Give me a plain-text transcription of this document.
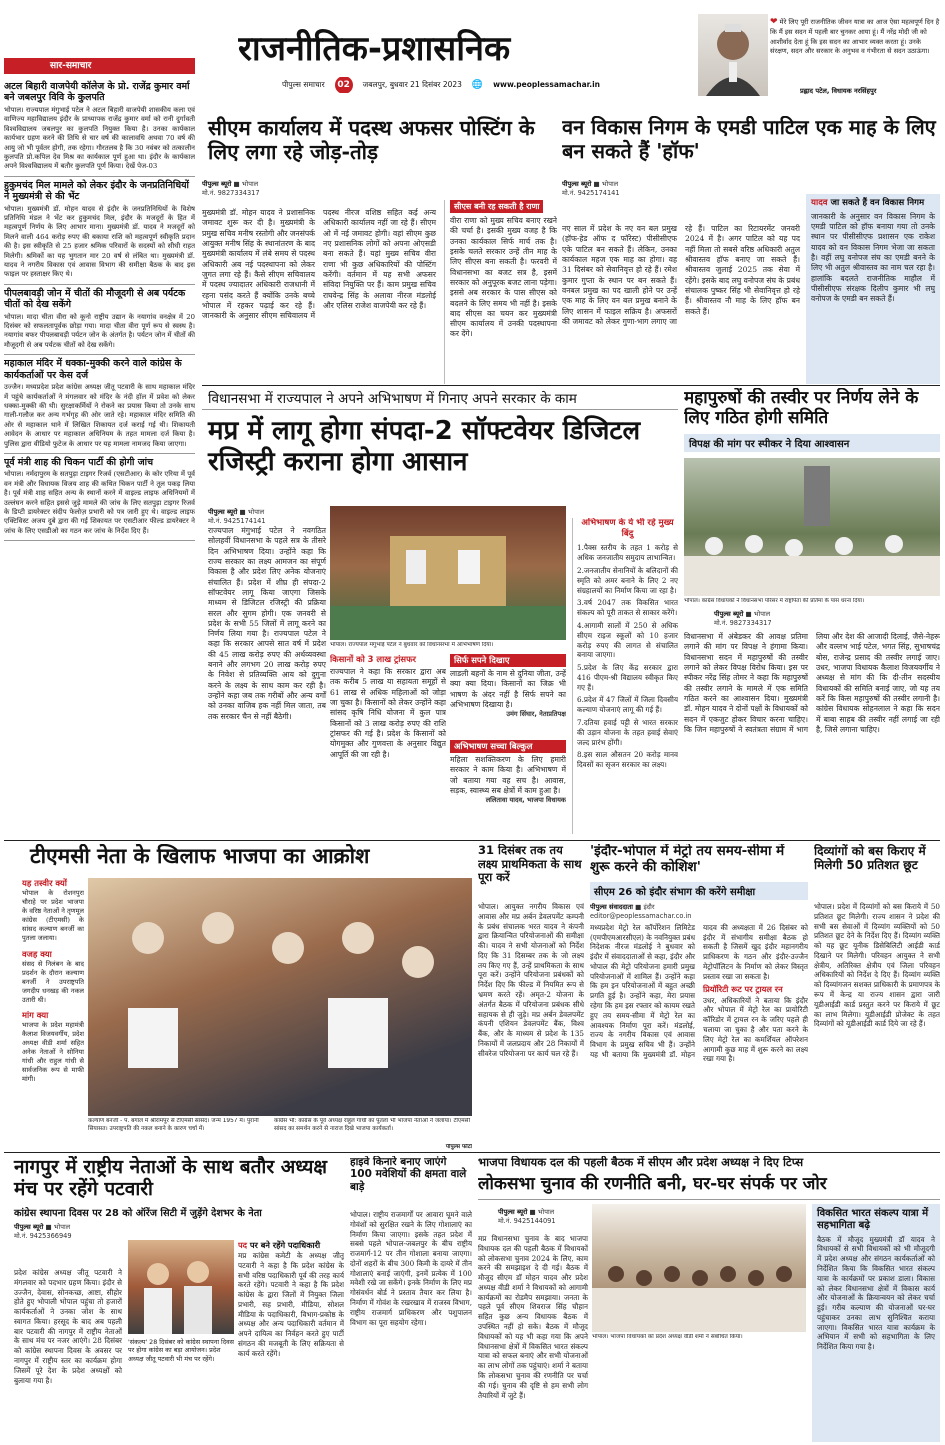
राजनीतिक-प्रशासनिक
पीपुल्स समाचार	02	जबलपुर, बुधवार 21 दिसंबर 2023 🌐 www.peoplessamachar.in
❤ मेरे लिए पूरी राजनीतिक जीवन यात्रा का आज ऐसा महत्वपूर्ण दिन है कि मैं इस सदन में पहली बार चुनकर आया हूं। मैं नरेंद्र मोदी जी को आशीर्वाद देता हूं कि इस सदन का आभार व्यक्त करता हूं। उनके संरक्षण, सदन और सरकार के अनुभव व गंभीरता से सदन उठाऊंगा।
प्रह्लाद पटेल, विधायक नरसिंहपुर
सार-समाचार
अटल बिहारी वाजपेयी कॉलेज के प्रो. राजेंद्र कुमार वर्मा बने जबलपुर विवि के कुलपति
भोपाल। राज्यपाल मंगुभाई पटेल ने अटल बिहारी वाजपेयी शासकीय कला एवं वाणिज्य महाविद्यालय इंदौर के प्राध्यापक राजेंद्र कुमार वर्मा को रानी दुर्गावती विश्वविद्यालय जबलपुर का कुलपति नियुक्त किया है। उनका कार्यकाल कार्यभार ग्रहण करने की तिथि से चार वर्ष की कालावधि अथवा 70 वर्ष की आयु जो भी पूर्वतर होगी, तक रहेगा। गौरतलब है कि 30 नवंबर को तत्कालीन कुलपति प्रो.कपिल देव मिश्र का कार्यकाल पूर्ण हुआ था। इंदौर के कार्यकाल अपने विश्वविद्यालय में बतौर कुलपति पूर्ण किया। देखें पेज-03
हुकुमचंद मिल मामले को लेकर इंदौर के जनप्रतिनिधियों ने मुख्यमंत्री से की भेंट
भोपाल। मुख्यमंत्री डॉ. मोहन यादव से इंदौर के जनप्रतिनिधियों के विशेष प्रतिनिधि मंडल ने भेंट कर हुकुमचंद मिल, इंदौर के मजदूरों के हित में महत्वपूर्ण निर्णय के लिए आभार माना। मुख्यमंत्री डॉ. यादव ने मजदूरों को मिलने वाली 464 करोड़ रुपए की बकाया राशि को महत्वपूर्ण स्वीकृति प्रदान की है। इस स्वीकृति से 25 हजार श्रमिक परिवारों के सदस्यों को सीधी राहत मिलेगी। श्रमिकों का यह भुगतान मार 20 वर्ष से लंबित था। मुख्यमंत्री डॉ. यादव ने नगरीय विकास एवं आवास विभाग की समीक्षा बैठक के बाद इस फाइल पर हस्ताक्षर किए थे।
पीपलबावड़ी जोन में चीतों की मौजूदगी से अब पर्यटक चीतों को देख सकेंगे
भोपाल। मादा चीता वीरा को कूनो राष्ट्रीय उद्यान के नयागांव वनक्षेत्र में 20 दिसंबर को सफलतापूर्वक छोड़ा गया। मादा चीता वीरा पूर्ण रूप से स्वस्थ है। नयागांव बफर पीपलबावड़ी पर्यटन जोन के अंतर्गत है। पर्यटन जोन में चीतों की मौजूदगी से अब पर्यटक चीतों को देख सकेंगे।
महाकाल मंदिर में धक्का-मुक्की करने वाले कांग्रेस के कार्यकर्ताओं पर केस दर्ज
उज्जैन। मध्यप्रदेश प्रदेश कांग्रेस अध्यक्ष जीतू पटवारी के साथ महाकाल मंदिर में पहुंचे कार्यकर्ताओं ने मंगलवार को मंदिर के नंदी हॉल में प्रवेश को लेकर धक्का-मुक्की की थी। सुरक्षाकर्मियों ने रोकने का प्रयास किया तो उनके साथ गाली-गलौज कर अन्य गर्भगृह की ओर जाते रहे। महाकाल मंदिर समिति की ओर से महाकाल थाने में लिखित शिकायत दर्ज कराई गई थी। शिकायती आवेदन के आधार पर महाकाल अधिनियम के तहत मामला दर्ज किया है। पुलिस द्वारा वीडियो फुटेज के आधार पर यह मामला नामजद किया जाएगा।
पूर्व मंत्री शाह की चिकन पार्टी की होगी जांच
भोपाल। नर्मदापुरम के सतपुड़ा टाइगर रिजर्व (एसटीआर) के कोर एरिया में पूर्व वन मंत्री और विधायक विजय शाह की कथित चिकन पार्टी ने तूल पकड़ लिया है। पूर्व मंत्री शाह सहित अन्य के स्थानों करने में वाइल्ड लाइफ अधिनियमों में उल्लंघन करने सहित इससे जुड़े मामले की जांच के लिए सतपुड़ा टाइगर रिजर्व के डिप्टी डायरेक्टर संदीप फेलोज़ प्रभारी को पत्र जारी हुए थे। वाइल्ड लाइफ एक्टिविस्ट अजय दुबे द्वारा की गई शिकायत पर एसटीआर फील्ड डायरेक्टर ने जांच के लिए एसडीओ का गठन कर जांच के निर्देश दिए हैं।
सीएम कार्यालय में पदस्थ अफसर पोस्टिंग के लिए लगा रहे जोड़-तोड़
पीपुल्स ब्यूरो ■ भोपाल
मो.नं. 9827334317
मुख्यमंत्री डॉ. मोहन यादव ने प्रशासनिक जमावट शुरू कर दी है। मुख्यमंत्री के प्रमुख सचिव मनीष रस्तोगी और जनसंपर्क आयुक्त मनीष सिंह के स्थानांतरण के बाद मुख्यमंत्री कार्यालय में लंबे समय से पदस्थ अधिकारी अब नई पदस्थापना को लेकर जुगत लगा रहे हैं। कैसे सीएम सचिवालय में पदस्थ ज्यादातर अधिकारी राजधानी में रहना पसंद करते हैं क्योंकि उनके बच्चे भोपाल में रहकर पढ़ाई कर रहे हैं। जानकारी के अनुसार सीएम सचिवालय में पदस्थ नीरज वशिष्ठ सहित कई अन्य अधिकारी कार्यालय नहीं जा रहे हैं। सीएम ओ में नई जमावट होगी। वहां सीएम कुछ नए प्रशासनिक लोगों को अपना ओएसडी बना सकते हैं। यहां मुख्य सचिव वीरा राणा भी कुछ अधिकारियों की पोस्टिंग करेंगी। वर्तमान में यह सभी अफसर संविदा नियुक्ति पर हैं। काम प्रमुख सचिव राघवेन्द्र सिंह के अलावा नीरज मंडलोई और एलिस राजेश वाजपेयी कर रहे हैं।
सीएस बनी रह सकती है राणा
वीरा राणा को मुख्य सचिव बनाए रखने की चर्चा है। इसकी मुख्य वजह है कि उनका कार्यकाल सिर्फ मार्च तक है। इसके चलते सरकार उन्हें तीन माह के लिए सीएस बना सकती है। फरवरी में विधानसभा का बजट सत्र है, इसमें सरकार को अनुपूरक बजट लाना पड़ेगा। इससे अब सरकार के पास सीएस को बदलने के लिए समय भी नहीं है। इसके बाद सीएस का चयन कर मुख्यमंत्री सीएम कार्यालय में उनकी पदस्थापना कर देंगे।
वन विकास निगम के एमडी पाटिल एक माह के लिए बन सकते हैं 'हॉफ'
पीपुल्स ब्यूरो ■ भोपाल
मो.नं. 9425174141
नए साल में प्रदेश के नए वन बल प्रमुख (हॉफ-हेड ऑफ द फॉरेस्ट) पीसीसीएफ एके पाटिल बन सकते हैं। लेकिन, उनका कार्यकाल महज एक माह का होगा। वह 31 दिसंबर को सेवानिवृत्त हो रहे हैं। रमेश कुमार गुप्ता के स्थान पर बन सकते हैं। वनबल प्रमुख का पद खाली होने पर उन्हें एक माह के लिए वन बल प्रमुख बनाने के लिए शासन में फाइल सक्रिय है। अफसरों की जमावट को लेकर गुणा-भाग लगाए जा रहे हैं। पाटिल का रिटायरमेंट जनवरी 2024 में है। अगर पाटिल को यह पद नहीं मिला तो सबसे वरिष्ठ अधिकारी अतुल श्रीवास्तव हॉफ बनाए जा सकते हैं। श्रीवास्तव जुलाई 2025 तक सेवा में रहेंगे। इसके बाद लघु वनोपज संघ के प्रबंध संचालक पुष्कर सिंह भी सेवानिवृत्त हो रहे हैं। श्रीवास्तव नौ माह के लिए हॉफ बन सकते हैं।
यादव जा सकते हैं वन विकास निगम
जानकारी के अनुसार वन विकास निगम के एमडी पाटिल को हॉफ बनाया गया तो उनके स्थान पर पीसीसीएफ प्रशासन एक राकेश यादव को वन विकास निगम भेजा जा सकता है। वहीं लघु वनोपज संघ का एमडी बनने के लिए भी अतुल श्रीवास्तव का नाम चल रहा है। हालांकि बदलते राजनीतिक माहौल में पीसीसीएफ संरक्षक दिलीप कुमार भी लघु वनोपज के एमडी बन सकते हैं।
विधानसभा में राज्यपाल ने अपने अभिभाषण में गिनाए अपने सरकार के काम
मप्र में लागू होगा संपदा-2 सॉफ्टवेयर डिजिटल रजिस्ट्री कराना होगा आसान
पीपुल्स ब्यूरो ■ भोपाल
मो.नं. 9425174141
भोपाल। राज्यपाल मंगुभाई पटेल ने बुधवार को विधानसभा में अभिभाषण दिया।
राज्यपाल मंगुभाई पटेल ने नवगठित सोलहवीं विधानसभा के पहले सत्र के तीसरे दिन अभिभाषण दिया। उन्होंने कहा कि राज्य सरकार का लक्ष्य आमजन का संपूर्ण विकास है और प्रदेश लिए अनेक योजनाएं संचालित हैं। प्रदेश में शीघ्र ही संपदा-2 सॉफ्टवेयर लागू किया जाएगा जिसके माध्यम से डिजिटल रजिस्ट्री की प्रक्रिया सरल और सुगम होगी। एक जनवरी से प्रदेश के सभी 55 जिलों में लागू करने का निर्णय लिया गया है। राज्यपाल पटेल ने कहा कि सरकार आपसे सात वर्ष में प्रदेश की 45 लाख करोड़ रुपए की अर्थव्यवस्था बनाने और लगभग 20 लाख करोड़ रुपए के निवेश से प्रतिव्यक्ति आय को दुगुना करने के लक्ष्य के साथ काम कर रही है। उन्होंने कहा जब तक गरीबों और अन्य वर्गों को उनका वाजिब हक नहीं मिल जाता, तब तक सरकार चैन से नहीं बैठेगी।
किसानों को 3 लाख ट्रांसफर
राज्यपाल ने कहा कि सरकार द्वारा अब तक करीब 5 लाख या सहायता समूहों से 61 लाख से अधिक महिलाओं को जोड़ा जा चुका है। किसानों को लेकर उन्होंने कहा सांसद कृषि निधि योजना में कुल पात्र किसानों को 3 लाख करोड़ रुपए की राशि ट्रांसफर की गई है। प्रदेश के किसानों को योगमुक्त और गुणवत्ता के अनुसार विद्युत आपूर्ति की जा रही है।
सिर्फ सपने दिखाए
लाडली बहनों के नाम से दुनिया जीता, उन्हें क्या क्या दिया। किसानों का जिक्र भी भाषण के अंदर नहीं है सिर्फ सपने का अभिभाषण दिखाया है।
उमंग सिंघार, नेताप्रतिपक्ष
अभिभाषण सच्चा बिल्कुल
महिला सशक्तिकरण के लिए हमारी सरकार ने काम किया है। अभिभाषण में जो बताया गया वह सच है। आवास, सड़क, स्वास्थ्य सब क्षेत्रों में काम हुआ है।
ललितावा यादव, भाजपा विधायक
अभिभाषण के ये भी रहे मुख्य बिंदु
1.पैक्स स्तरीय के तहत 1 करोड़ से अधिक जनजातीय समुदाय लाभान्वित।
2.जनजातीय सेनानियों के बलिदानों की स्मृति को अमर बनाने के लिए 2 नए संग्रहालयों का निर्माण किया जा रहा है।
3.वर्ष 2047 तक विकसित भारत संकल्प को पूरी ताकत से साकार करेंगे।
4.आगामी सालों में 250 से अधिक सीएम राइज स्कूलों को 10 हजार करोड़ रुपए की लागत से संचालित बनाया जाएगा।
5.प्रदेश के लिए केंद्र सरकार द्वारा 416 पीएम-श्री विद्यालय स्वीकृत किए गए हैं।
6.प्रदेश में 47 जिलों में जिला दिवसीय कल्याण योजनाएं लागू की गई हैं।
7.दतिया हवाई पट्टी से भारत सरकार की उड़ान योजना के तहत हवाई सेवाएं जल्द प्रारंभ होंगी।
8.इस साल औसतन 20 करोड़ मानव दिवसों का सृजन सरकार का लक्ष्य।
महापुरुषों की तस्वीर पर निर्णय लेने के लिए गठित होगी समिति
विपक्ष की मांग पर स्पीकर ने दिया आश्वासन
भोपाल। कांग्रेस विधायकों ने विधानसभा परिसर में राष्ट्रपिता की प्रतिमा के पास धरना दिया।
पीपुल्स ब्यूरो ■ भोपाल
मो.नं. 9827334317
विधानसभा में अंबेडकर की आवक्ष प्रतिमा लगाने की मांग पर विपक्ष ने हंगामा किया। विधानसभा सदन में महापुरुषों की तस्वीर लगाने को लेकर विपक्ष विरोध किया। इस पर स्पीकर नरेंद्र सिंह तोमर ने कहा कि महापुरुषों की तस्वीर लगाने के मामले में एक समिति गठित करने का आश्वासन दिया। मुख्यमंत्री डॉ. मोहन यादव ने दोनों पक्षों के विधायकों को सदन में एकजुट होकर विचार करना चाहिए। कि जिन महापुरुषों ने स्वतंत्रता संग्राम में भाग लिया और देश की आजादी दिलाई, जैसे-नेहरू और वल्लभ भाई पटेल, भगत सिंह, सुभाषचंद्र बोस, राजेन्द्र प्रसाद की तस्वीर लगाई जाए। उधर, भाजपा विधायक कैलाश विजयवर्गीय ने अध्यक्ष से मांग की कि दी-तीन सदस्यीय विधायकों की समिति बनाई जाए, जो यह तय करें कि किस महापुरुषों की तस्वीर लगानी है। कांग्रेस विधायक सोहनलाल ने कहा कि सदन में बाबा साहब की तस्वीर नहीं लगाई जा रही है, जिसे लगाना चाहिए।
टीएमसी नेता के खिलाफ भाजपा का आक्रोश
यह तस्वीर क्यों
भोपाल के रोशनपुरा चौराहे पर प्रदेश भाजपा के वरिष्ठ नेताओं ने तृणमूल कांग्रेस (टीएमसी) के सांसद कल्याण बनर्जी का पुतला जलाया।
वजह क्या
संसद से निलंबन के बाद प्रदर्शन के दौरान कल्याण बनर्जी ने उपराष्ट्रपति जगदीप धनखड़ की नकल उतारी थी।
मांग क्या
भाजपा के प्रदेश महामंत्री कैलाश विजयवर्गीय, प्रदेश अध्यक्ष वीडी शर्मा सहित अनेक नेताओं ने सोनिया गांधी और राहुल गांधी से सार्वजनिक रूप से माफी मांगी।
कल्याण बनर्जी - प. बंगाल में श्रीरामपुर से टीएमसी सांसद। जन्म 1957 में। पुरानी सियासत। उपराष्ट्रपति की नकल बनाने के कारण चर्चा में।
कांग्रेस भी: कांग्रेस के पूर्व अध्यक्ष राहुल गांधी का पुतला भी भाजपा नेताओं ने जलाया। टीएमसी सांसद का समर्थन करने से नाराज दिखे भाजपा कार्यकर्ता।
पीपुल्स फोटो
31 दिसंबर तक तय लक्ष्य प्राथमिकता के साथ पूरा करें
भोपाल। आयुक्त नगरीय विकास एवं आवास और मप्र अर्बन डेवलपमेंट कम्पनी के प्रबंध संचालक भरत यादव ने कंपनी द्वारा क्रियान्वित परियोजनाओं की समीक्षा की। यादव ने सभी योजनाओं को निर्देश दिए कि 31 दिसम्बर तक के जो लक्ष्य तय किए गए हैं, उन्हें प्राथमिकता के साथ पूरा करें। उन्होंने परियोजना प्रबंधकों को निर्देश दिए कि फील्ड में नियमित रूप से भ्रमण करते रहें। अमृत-2 योजना के अंतर्गत बैठक में परियोजना प्रबंधक सीधे सहायक से ही जुड़े। मप्र अर्बन डेवलपमेंट कंपनी एशियन डेवलपमेंट बैंक, विश्व बैंक, और के माध्यम से प्रदेश के 135 निकायों में जलप्रदाय और 28 निकायों में सीवरेज परियोजना पर कार्य चल रहे हैं।
'इंदौर-भोपाल में मेट्रो तय समय-सीमा में शुरू करने की कोशिश'
सीएम 26 को इंदौर संभाग की करेंगे समीक्षा
पीपुल्स संवाददाता ■ इंदौर
editor@peoplessamachar.co.in
मध्यप्रदेश मेट्रो रेल कॉर्पोरेशन लिमिटेड (एमपीएमआरसीएल) के नवनियुक्त प्रबंध निदेशक नीरज मंडलोई ने बुधवार को इंदौर में संवाददाताओं से कहा, इंदौर और भोपाल की मेट्रो परियोजना हमारी प्रमुख परियोजनाओं में शामिल हैं। उन्होंने कहा कि हम इन परियोजनाओं में बहुत अच्छी प्रगति हुई है। उन्होंने कहा, मेरा प्रयास रहेगा कि हम इस रफ्तार को कायम रखते हुए तय समय-सीमा में मेट्रो रेल का आवश्यक निर्माण पूरा करें। मंडलोई, राज्य के नगरीय विकास एवं आवास विभाग के प्रमुख सचिव भी हैं। उन्होंने यह भी बताया कि मुख्यमंत्री डॉ. मोहन यादव की अध्यक्षता में 26 दिसंबर को इंदौर में संभागीय समीक्षा बैठक हो सकती है जिसमें खुद इंदौर महानगरीय प्राधिकरण के गठन और इंदौर-उज्जैन मेट्रोपॉलिटन के निर्माण को लेकर विस्तृत प्रस्ताव रखा जा सकता है।
प्रियॉरिटी रूट पर ट्रायल रन
उधर, अधिकारियों ने बताया कि इंदौर और भोपाल में मेट्रो रेल का प्रायोरिटी कॉरिडोर में ट्रायल रन के जरिए पहले ही चलाया जा चुका है और पता करने के लिए मेट्रो रेल का कमर्शियल ऑपरेशन आगामी कुछ माह में शुरू करने का लक्ष्य रखा गया है।
दिव्यांगों को बस किराए में मिलेगी 50 प्रतिशत छूट
भोपाल। प्रदेश में दिव्यांगों को बस किराये में 50 प्रतिशत छूट मिलेगी। राज्य शासन ने प्रदेश की सभी बस सेवाओं में दिव्यांग व्यक्तियों को 50 प्रतिशत छूट देने के निर्देश दिए हैं। दिव्यांग व्यक्ति को यह छूट यूनीक डिसेबिलिटी आईडी कार्ड दिखाने पर मिलेगी। परिवहन आयुक्त ने सभी क्षेत्रीय, अतिरिक्त क्षेत्रीय एवं जिला परिवहन अधिकारियों को निर्देश दे दिए हैं। दिव्यांग व्यक्ति को दिव्यांगजन सशक्त प्राधिकारी के प्रमाणपत्र के रूप में केन्द्र या राज्य शासन द्वारा जारी यूडीआईडी कार्ड प्रस्तुत करने पर किराये में छूट का लाभ मिलेगा। यूडीआईडी प्रोजेक्ट के तहत दिव्यांगों को यूडीआईडी कार्ड दिये जा रहे हैं।
नागपुर में राष्ट्रीय नेताओं के साथ बतौर अध्यक्ष मंच पर रहेंगे पटवारी
कांग्रेस स्थापना दिवस पर 28 को ऑरेंज सिटी में जुड़ेंगे देशभर के नेता
पीपुल्स ब्यूरो ■ भोपाल
मो.नं. 9425366949
प्रदेश कांग्रेस अध्यक्ष जीतू पटवारी ने मंगलवार को पदभार ग्रहण किया। इंदौर से उज्जैन, देवास, सोनकच्छ, आष्टा, सीहोर होते हुए भोपाली भोपाल पहुंचा तो हजारों कार्यकर्ताओं ने उनका जोश के साथ स्वागत किया। हरसूद के बाद अब पहली बार पटवारी की नागपुर में राष्ट्रीय नेताओं के साथ मंच पर नजर आएंगे। 28 दिसंबर को कांग्रेस स्थापना दिवस के अवसर पर नागपुर में राष्ट्रीय स्तर का कार्यक्रम होगा जिसमें पूरे देश के प्रदेश अध्यक्षों को बुलाया गया है।
'संकल्प' 28 दिसंबर को कांग्रेस स्थापना दिवस पर होगा कांग्रेस का बड़ा आयोजन। प्रदेश अध्यक्ष जीतू पटवारी भी मंच पर रहेंगे।
पद पर बने रहेंगे पदाधिकारी
मप्र कांग्रेस कमेटी के अध्यक्ष जीतू पटवारी ने कहा है कि प्रदेश कांग्रेस के सभी वरिष्ठ पदाधिकारी पूर्व की तरह कार्य करते रहेंगे। पटवारी ने कहा है कि प्रदेश कांग्रेस के द्वारा जिलों में नियुक्त जिला प्रभारी, सह प्रभारी, मीडिया, सोशल मीडिया के पदाधिकारी, विभाग-प्रकोष्ठ के अध्यक्ष और अन्य पदाधिकारी वर्तमान में अपने दायित्व का निर्वहन करते हुए पार्टी संगठन की मजबूती के लिए सक्रियता से कार्य करते रहेंगे।
हाइवे किनारे बनाए जाएंगे 100 मवेशियों की क्षमता वाले बाड़े
भोपाल। राष्ट्रीय राजमार्गों पर आवारा घूमने वाले गोवंशों को सुरक्षित रखने के लिए गोशालाएं का निर्माण किया जाएगा। इसके तहत प्रदेश में सबसे पहले भोपाल-जबलपुर के बीच राष्ट्रीय राजमार्ग-12 पर तीन गोशाला बनाया जाएगा। दोनों शहरों के बीच 300 किमी के दायरे में तीन गोशालाएं बनाई जाएंगी, इनमें प्रत्येक में 100 मवेशी रखे जा सकेंगे। इनके निर्माण के लिए मप्र गोसंवर्धन बोर्ड ने प्रस्ताव तैयार कर लिया है। निर्माण में गोवंश के रखरखाव में राजस्व विभाग, राष्ट्रीय राजमार्ग प्राधिकरण और पशुपालन विभाग का पूरा सहयोग रहेगा।
भाजपा विधायक दल की पहली बैठक में सीएम और प्रदेश अध्यक्ष ने दिए टिप्स
लोकसभा चुनाव की रणनीति बनी, घर-घर संपर्क पर जोर
पीपुल्स ब्यूरो ■ भोपाल
मो.नं. 9425144091
मप्र विधानसभा चुनाव के बाद भाजपा विधायक दल की पहली बैठक में विधायकों को लोकसभा चुनाव 2024 के लिए, काम करने की समझाइश दे दी गई। बैठक में मौजूद सीएम डॉ मोहन यादव और प्रदेश अध्यक्ष वीडी शर्मा ने विधायकों को आगामी कार्यक्रमों का रोडमैप समझाया। जनता के पहले पूर्व सीएम शिवराज सिंह चौहान सहित कुछ अन्य विधायक बैठक में उपस्थित नहीं हो सके। बैठक में मौजूद विधायकों को यह भी कहा गया कि अपने विधानसभा क्षेत्रों में विकसित भारत संकल्प यात्रा को सफल बनाएं और सभी योजनाओं का लाभ लोगों तक पहुंचाएं। शर्मा ने बताया कि लोकसभा चुनाव की रणनीति पर चर्चा की गई। चुनाव की दृष्टि से हम सभी लोग तैयारियों में जुटे हैं।
भोपाल। भाजपा विधायकों को प्रदेश अध्यक्ष वीडी शर्मा ने संबोधित किया।
विकसित भारत संकल्प यात्रा में सहभागिता बढ़े
बैठक में मौजूद मुख्यमंत्री डॉ यादव ने विधायकों से सभी विधायकों को भी मौजूदगी में प्रदेश अध्यक्ष और संगठन कार्यकर्ताओं को निर्देशित किया कि विकसित भारत संकल्प यात्रा के कार्यक्रमों पर प्रकाश डाला। विकास को लेकर विधानसभा क्षेत्रों में विकास कार्य और योजनाओं के क्रियान्वयन को लेकर चर्चा हुई। गरीब कल्याण की योजनाओं घर-घर पहुंचाकर उनका लाभ सुनिश्चित कराया जाएगा। विकसित भारत यात्रा कार्यक्रम के अभियान में सभी को सहभागिता के लिए निर्देशित किया गया है।
